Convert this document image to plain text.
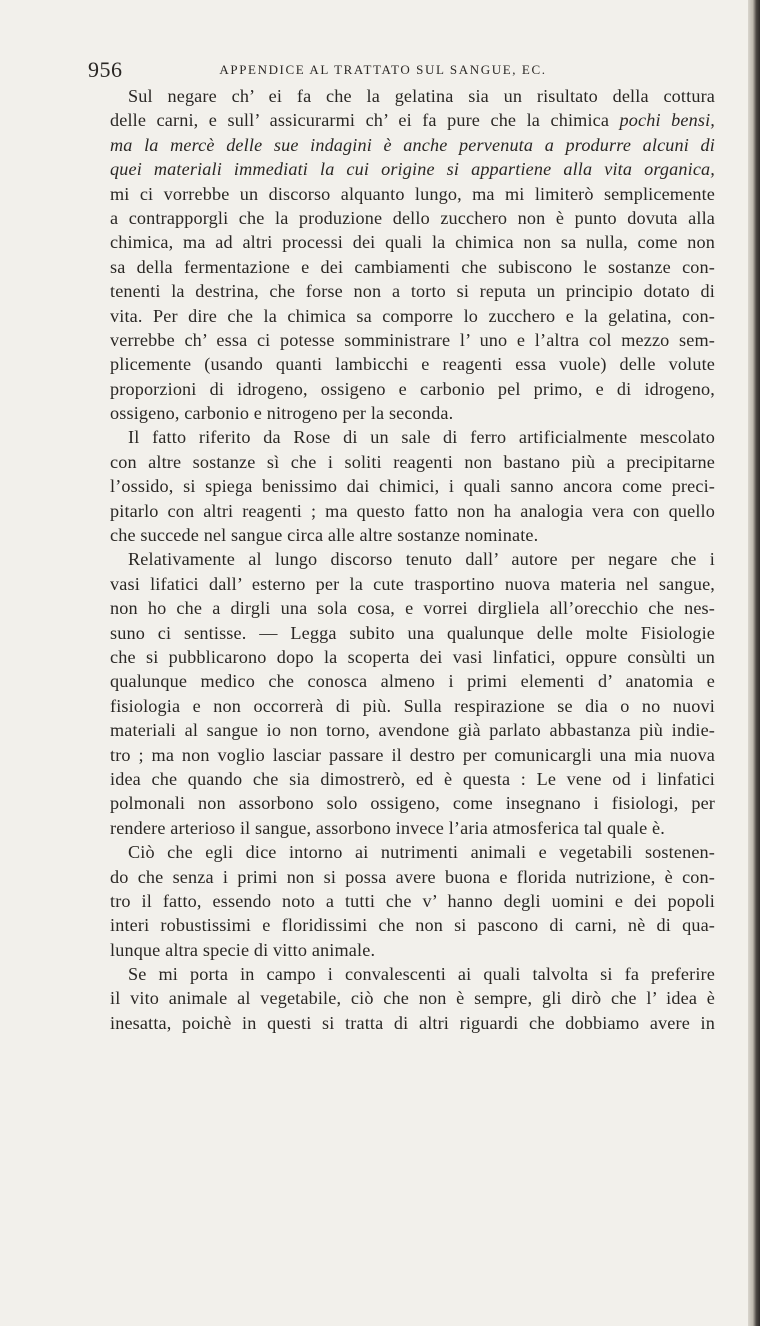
956	APPENDICE AL TRATTATO SUL SANGUE, EC.
Sul negare ch’ ei fa che la gelatina sia un risultato della cottura
delle carni, e sull’ assicurarmi ch’ ei fa pure che la chimica pochi bensi,
ma la mercè delle sue indagini è anche pervenuta a produrre alcuni di
quei materiali immediati la cui origine si appartiene alla vita organica,
mi ci vorrebbe un discorso alquanto lungo, ma mi limiterò semplicemente
a contrapporgli che la produzione dello zucchero non è punto dovuta alla
chimica, ma ad altri processi dei quali la chimica non sa nulla, come non
sa della fermentazione e dei cambiamenti che subiscono le sostanze con-
tenenti la destrina, che forse non a torto si reputa un principio dotato di
vita. Per dire che la chimica sa comporre lo zucchero e la gelatina, con-
verrebbe ch’ essa ci potesse somministrare l’ uno e l’altra col mezzo sem-
plicemente (usando quanti lambicchi e reagenti essa vuole) delle volute
proporzioni di idrogeno, ossigeno e carbonio pel primo, e di idrogeno,
ossigeno, carbonio e nitrogeno per la seconda.
Il fatto riferito da Rose di un sale di ferro artificialmente mescolato
con altre sostanze sì che i soliti reagenti non bastano più a precipitarne
l’ossido, si spiega benissimo dai chimici, i quali sanno ancora come preci-
pitarlo con altri reagenti ; ma questo fatto non ha analogia vera con quello
che succede nel sangue circa alle altre sostanze nominate.
Relativamente al lungo discorso tenuto dall’ autore per negare che i
vasi lifatici dall’ esterno per la cute trasportino nuova materia nel sangue,
non ho che a dirgli una sola cosa, e vorrei dirgliela all’orecchio che nes-
suno ci sentisse. — Legga subito una qualunque delle molte Fisiologie
che si pubblicarono dopo la scoperta dei vasi linfatici, oppure consùlti un
qualunque medico che conosca almeno i primi elementi d’ anatomia e
fisiologia e non occorrerà di più. Sulla respirazione se dia o no nuovi
materiali al sangue io non torno, avendone già parlato abbastanza più indie-
tro ; ma non voglio lasciar passare il destro per comunicargli una mia nuova
idea che quando che sia dimostrerò, ed è questa : Le vene od i linfatici
polmonali non assorbono solo ossigeno, come insegnano i fisiologi, per
rendere arterioso il sangue, assorbono invece l’aria atmosferica tal quale è.
Ciò che egli dice intorno ai nutrimenti animali e vegetabili sostenen-
do che senza i primi non si possa avere buona e florida nutrizione, è con-
tro il fatto, essendo noto a tutti che v’ hanno degli uomini e dei popoli
interi robustissimi e floridissimi che non si pascono di carni, nè di qua-
lunque altra specie di vitto animale.
Se mi porta in campo i convalescenti ai quali talvolta si fa preferire
il vito animale al vegetabile, ciò che non è sempre, gli dirò che l’ idea è
inesatta, poichè in questi si tratta di altri riguardi che dobbiamo avere in
